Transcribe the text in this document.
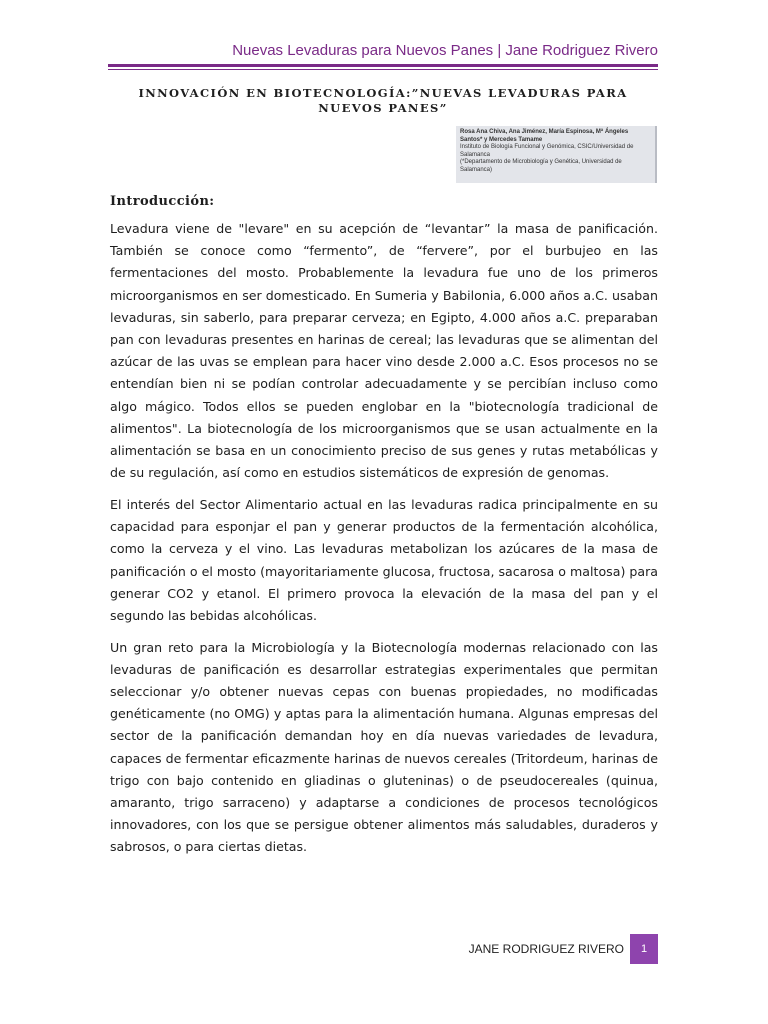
Nuevas Levaduras para Nuevos Panes | Jane Rodriguez Rivero
INNOVACIÓN EN BIOTECNOLOGÍA:”NUEVAS LEVADURAS PARA NUEVOS PANES”
Rosa Ana Chiva, Ana Jiménez, María Espinosa, Mª Ángeles Santos* y Mercedes Tamame
Instituto de Biología Funcional y Genómica, CSIC/Universidad de Salamanca
(*Departamento de Microbiología y Genética, Universidad de Salamanca)
Introducción:

Levadura viene de "levare" en su acepción de “levantar” la masa de panificación. También se conoce como “fermento”, de “fervere”, por el burbujeo en las fermentaciones del mosto. Probablemente la levadura fue uno de los primeros microorganismos en ser domesticado. En Sumeria y Babilonia, 6.000 años a.C. usaban levaduras, sin saberlo, para preparar cerveza; en Egipto, 4.000 años a.C. preparaban pan con levaduras presentes en harinas de cereal; las levaduras que se alimentan del azúcar de las uvas se emplean para hacer vino desde 2.000 a.C. Esos procesos no se entendían bien ni se podían controlar adecuadamente y se percibían incluso como algo mágico. Todos ellos se pueden englobar en la "biotecnología tradicional de alimentos". La biotecnología de los microorganismos que se usan actualmente en la alimentación se basa en un conocimiento preciso de sus genes y rutas metabólicas y de su regulación, así como en estudios sistemáticos de expresión de genomas.

El interés del Sector Alimentario actual en las levaduras radica principalmente en su capacidad para esponjar el pan y generar productos de la fermentación alcohólica, como la cerveza y el vino. Las levaduras metabolizan los azúcares de la masa de panificación o el mosto (mayoritariamente glucosa, fructosa, sacarosa o maltosa) para generar CO2 y etanol. El primero provoca la elevación de la masa del pan y el segundo las bebidas alcohólicas.

Un gran reto para la Microbiología y la Biotecnología modernas relacionado con las levaduras de panificación es desarrollar estrategias experimentales que permitan seleccionar y/o obtener nuevas cepas con buenas propiedades, no modificadas genéticamente (no OMG) y aptas para la alimentación humana. Algunas empresas del sector de la panificación demandan hoy en día nuevas variedades de levadura, capaces de fermentar eficazmente harinas de nuevos cereales (Tritordeum, harinas de trigo con bajo contenido en gliadinas o gluteninas) o de pseudocereales (quinua, amaranto, trigo sarraceno) y adaptarse a condiciones de procesos tecnológicos innovadores, con los que se persigue obtener alimentos más saludables, duraderos y sabrosos, o para ciertas dietas.

JANE RODRIGUEZ RIVERO	1
